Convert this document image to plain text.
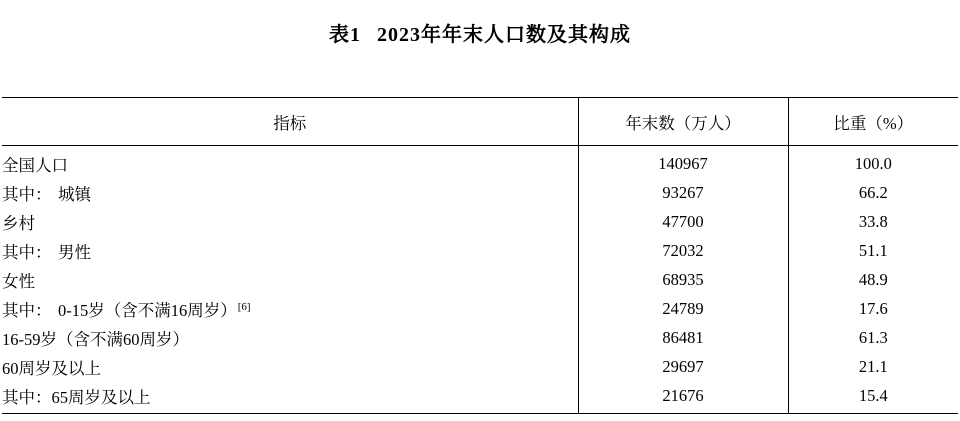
表1 2023年年末人口数及其构成
指标	年末数（万人）	比重（%）
全国人口	140967	100.0
其中： 城镇	93267	66.2
乡村	47700	33.8
其中： 男性	72032	51.1
女性	68935	48.9
其中： 0-15岁（含不满16周岁）[6]	24789	17.6
16-59岁（含不满60周岁）	86481	61.3
60周岁及以上	29697	21.1
其中：65周岁及以上	21676	15.4
